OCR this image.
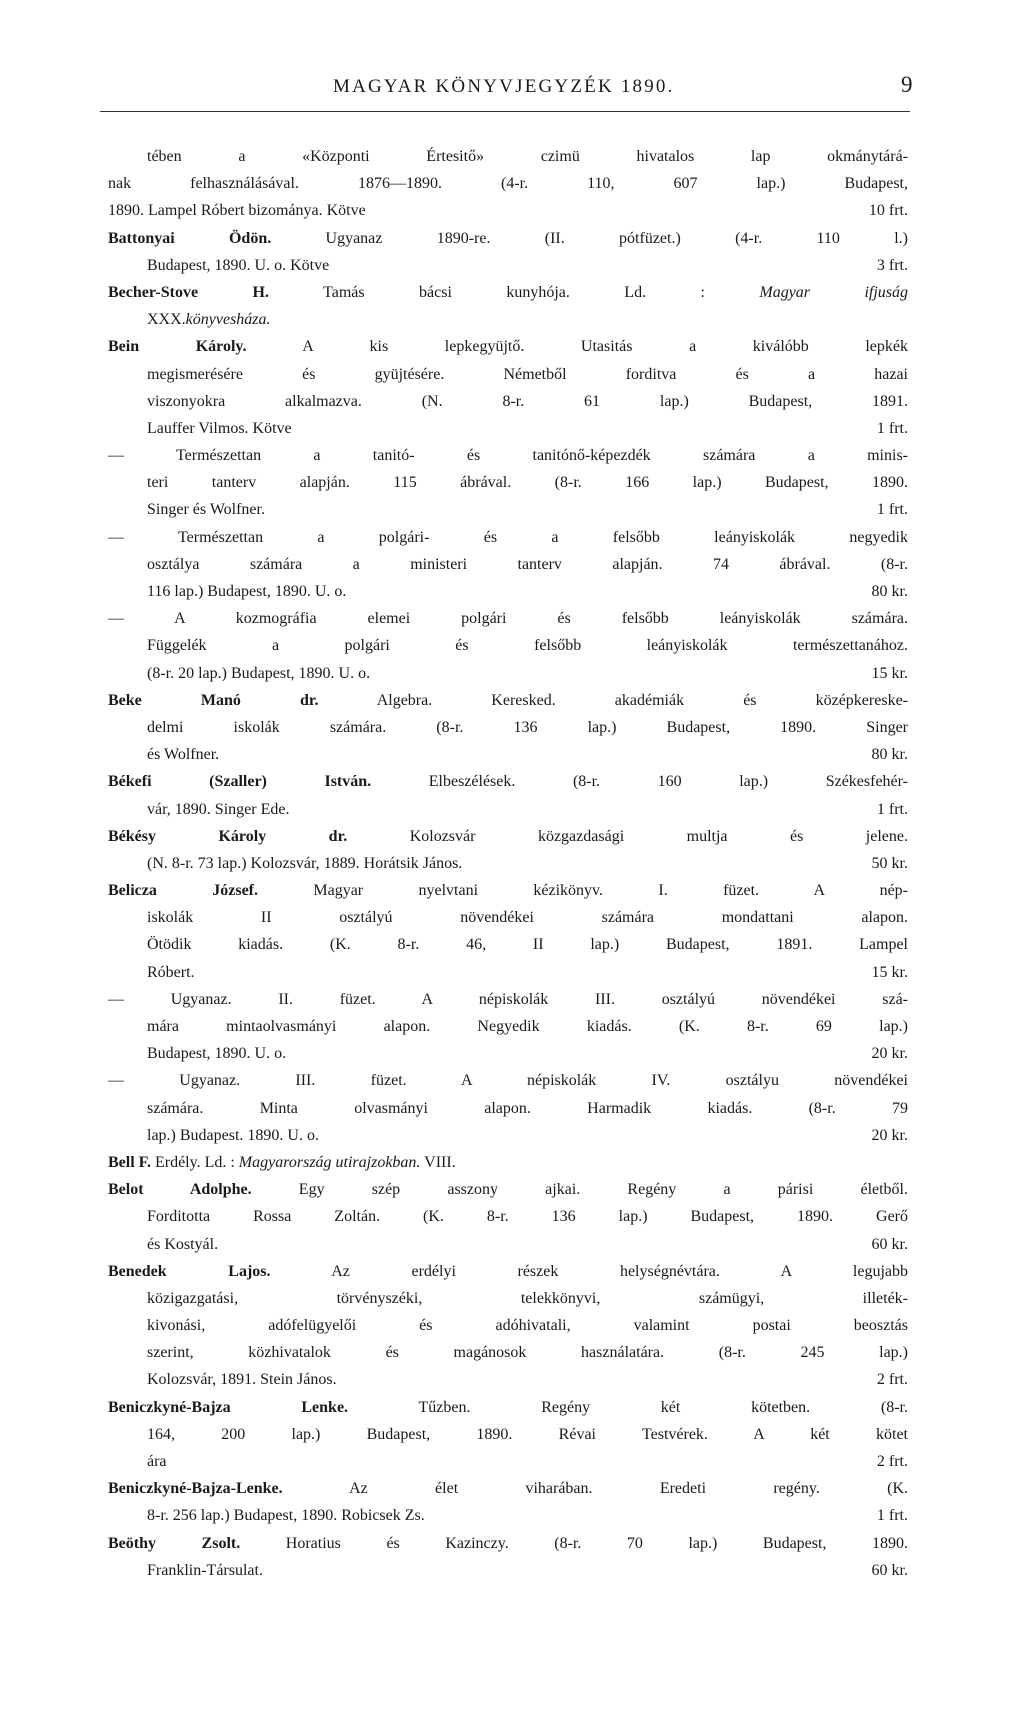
MAGYAR KÖNYVJEGYZÉK 1890.	9
tében a «Központi Értesitő» czimü hivatalos lap okmánytárá-
nak felhasználásával. 1876—1890. (4-r. 110, 607 lap.) Budapest,
1890. Lampel Róbert bizománya. Kötve	10 frt.
Battonyai Ödön. Ugyanaz 1890-re. (II. pótfüzet.) (4-r. 110 l.)
Budapest, 1890. U. o. Kötve	3 frt.
Becher-Stove H. Tamás bácsi kunyhója. Ld. : Magyar ifjuság
XXX.könyvesháza.
Bein Károly. A kis lepkegyüjtő. Utasitás a kiválóbb lepkék
megismerésére és gyüjtésére. Németből forditva és a hazai
viszonyokra alkalmazva. (N. 8-r. 61 lap.) Budapest, 1891.
Lauffer Vilmos. Kötve	1 frt.
— Természettan a tanitó- és tanitónő-képezdék számára a minis-
teri tanterv alapján. 115 ábrával. (8-r. 166 lap.) Budapest, 1890.
Singer és Wolfner.	1 frt.
— Természettan a polgári- és a felsőbb leányiskolák negyedik
osztálya számára a ministeri tanterv alapján. 74 ábrával. (8-r.
116 lap.) Budapest, 1890. U. o.	80 kr.
— A kozmográfia elemei polgári és felsőbb leányiskolák számára.
Függelék a polgári és felsőbb leányiskolák természettanához.
(8-r. 20 lap.) Budapest, 1890. U. o.	15 kr.
Beke Manó dr. Algebra. Keresked. akadémiák és középkereske-
delmi iskolák számára. (8-r. 136 lap.) Budapest, 1890. Singer
és Wolfner.	80 kr.
Békefi (Szaller) István. Elbeszélések. (8-r. 160 lap.) Székesfehér-
vár, 1890. Singer Ede.	1 frt.
Békésy Károly dr. Kolozsvár közgazdasági multja és jelene.
(N. 8-r. 73 lap.) Kolozsvár, 1889. Horátsik János.	50 kr.
Belicza József. Magyar nyelvtani kézikönyv. I. füzet. A nép-
iskolák II osztályú növendékei számára mondattani alapon.
Ötödik kiadás. (K. 8-r. 46, II lap.) Budapest, 1891. Lampel
Róbert.	15 kr.
— Ugyanaz. II. füzet. A népiskolák III. osztályú növendékei szá-
mára mintaolvasmányi alapon. Negyedik kiadás. (K. 8-r. 69 lap.)
Budapest, 1890. U. o.	20 kr.
— Ugyanaz. III. füzet. A népiskolák IV. osztályu növendékei
számára. Minta olvasmányi alapon. Harmadik kiadás. (8-r. 79
lap.) Budapest. 1890. U. o.	20 kr.
Bell F. Erdély. Ld. : Magyarország utirajzokban. VIII.
Belot Adolphe. Egy szép asszony ajkai. Regény a párisi életből.
Forditotta Rossa Zoltán. (K. 8-r. 136 lap.) Budapest, 1890. Gerő
és Kostyál.	60 kr.
Benedek Lajos. Az erdélyi részek helységnévtára. A legujabb
közigazgatási, törvényszéki, telekkönyvi, számügyi, illeték-
kivonási, adófelügyelői és adóhivatali, valamint postai beosztás
szerint, közhivatalok és magánosok használatára. (8-r. 245 lap.)
Kolozsvár, 1891. Stein János.	2 frt.
Beniczkyné-Bajza Lenke. Tűzben. Regény két kötetben. (8-r.
164, 200 lap.) Budapest, 1890. Révai Testvérek. A két kötet
ára	2 frt.
Beniczkyné-Bajza-Lenke. Az élet viharában. Eredeti regény. (K.
8-r. 256 lap.) Budapest, 1890. Robicsek Zs.	1 frt.
Beöthy Zsolt. Horatius és Kazinczy. (8-r. 70 lap.) Budapest, 1890.
Franklin-Társulat.	60 kr.
